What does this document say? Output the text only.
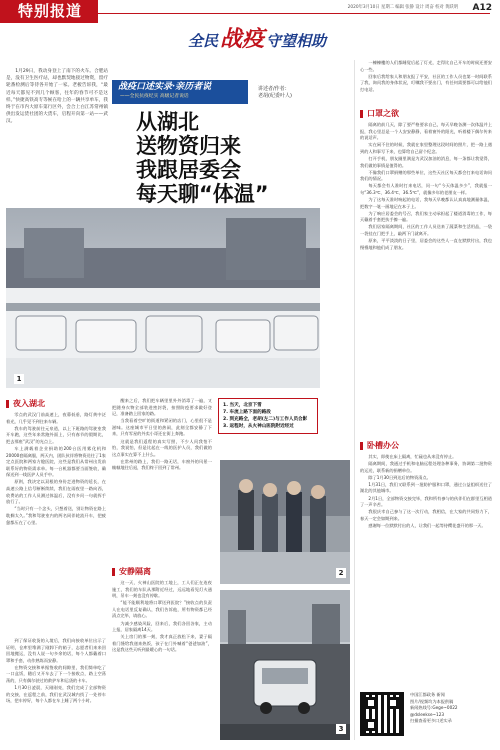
特别报道	2020年3月10日 星期二 编辑 张静 设计 周奋 校对 黄跃明	A12
全民 战疫 守望相助

1月29日，我动身登上了南下的火车。合肥站是，没有卫生医疗站，却也默契地接过物资，留疗轮番检测后等待各开始了一家。老板告诉我，“最近每天都见不到几个顾客，往年的春节可不是这样。”快捷高铁高专等候在哈上的一辆共享单车，我终于在市内大原车第行区外，会合上白江苏常州镇供出发运货社团的大货车，启程开向第一站——武汉。

战疫口述实录·亲历者说
——全民抗疫纪实 高级记者说话
讲述者/作者：
老胡(纪委叶人)
从湖北
送物资归来
我跟居委会
每天聊“体温”
1

一棟棟樓的人们都睡觉后起了灯光，走得比自己开车的时候还要安心一些。

回家后我给家人和朋友报了平安，社区的工作人员也第一时间联系了我，询问我的身体状况，叮嘱我不要出门，有任何需要都可以给他们打电话。

口罩之欲

隔离的前几天，除了要严格要求自己，每天早晚各测一次体温并上报，我心里总是一个人安安静静，看着窗外的阳光，听着楼下偶尔传来的说话声。

实在闲不住的时候，我就在家里整理这段时间的照片，把一路上遇到的人和事写下来，也算给自己留个纪念。

打开手机，朋友圈里满是为武汉加油的消息，每一条都让我觉得，我们做的事情是值得的。

不像我们口罩捐赠的那些单位，这些天社区每天都会打来电话询问我们的情况。

每天都会有人准时打来电话，问一句“今天体温多少”，我就报一句“36.3℃、36.4℃、36.5℃”，就像多年的老朋友一样。

为了这每天准时响起的电话，我每天早晚都认认真真地测量体温，把数字一笔一画地记在本子上。

为了响应居委会的号召，我们家主动承担起了楼道消毒的工作，每天戴着手套把扶手擦一遍。

我们居家隔离期间，社区的工作人员送来了蔬菜和生活用品，一袋一袋挂在门把手上，敲两下门就离开。

原来，平平淡淡的日子里，居委会的这些人一直在默默付出，我也慢慢地和他们成了朋友。

卧槽办公

其实，即使在床上隔离，忙碌也从来没有停止。

隔离期间，我通过手机和电脑远程处理各种事务，协调第二批物资的运送，联系新的捐赠单位。

除了1月30日到达后的物资清点。

1月31日，我们又联系到一批防护服和口罩，通过公益组织送往了湖北的其他城市。

2月1日，全部物资交接完毕，我和所有参与的伙伴们在群里互相道了一声辛苦。

我很庆幸自己参与了这一次行动，我相信，在大家的共同努力下，春天一定会如期到来。

感谢每一位默默付出的人，让我们一起等待樱花盛开的那一天。

中国江都政务 新闻
图片/视频均为本报供稿
新闻热线号:Gege~0022
@dsleekse~123
扫描查看更多口述实录
夜入湖北

零点的武汉门前高速上，夜幕低垂，路灯黄中泛着光，几乎见不到往来车辆。

我车的驾驶前往元泉道，以上下班路的驾驶室我开车跑，这些年来常跑外面上，只有春节的假期比，把去那座“武汉”的光点上。

车上满载着企业捐助的200台医用雾化机和20000套隔离服，两天内，团队伙伴将物资送往了1家定点医院和两家方舱医院，这些是我们从常州出发前联系好的物资需求单。每一台机器都要当面签收，确保送到一线医护人员手中。

原则，我决定以双根的身份走进物资的延长，在高速公路上信号断断续续，我们在雨夜里一路向西，收费站的工作人员测过体温后，没有多问一句就挥手放行了。

“当时只有一个念头，只想着送，别让物资在路上耽搁太久。”我和驾驶室内的两名同伴轮流开车，把疲惫都压在了心里。

到了保证收货的入境后，我们向接收单位出示了证明，仓库里堆满了刚卸下的箱子，志愿者们来来回回地搬运，没有人说一句多余的话，每个人都戴着口罩和手套，动作熟练而安静。

在物资交接和单据签收的间隙里，我们简单吃了一口盒饭，随后又开车去了下一个接收点，路上空荡荡的，只有偶尔驶过的救护车和运货的卡车。

1月30日凌晨，天刚刚亮，我们完成了全部物资的交接，在返程之前，我们在武汉城内找了一处停车场，把车停好，每个人都在车上睡了两个小时。

醒来之后，我们把车辆里里外外消毒了一遍，又把随身衣物全部装进密封袋，按照防疫要求做好登记，准备踏上回家的路。

当我看着空旷的街道和紧闭的店门，心里很不是滋味。这座城市平日里的热闹，此刻全都安静了下来，只有零星的外卖小哥还在街上奔跑。

这就是我们返程的真实写照，不少人问我怕不怕，我说怕，但是比起在一线的医护人员，我们做的这点事实在算不上什么。

在常州的路上，我们一路无话，车窗外的风景一帧帧地往后退，我们终于回到了常州。

安静隔离

这一天，火神山医院的工地上，工人们正在连夜施工，我们的车队从那附近经过，远远地看见灯火通明，吊车一刻也没有停歇。

“能不能顺利地将口罩送到医院？”接收点的负责人在电话里反复确认，我们告诉他，所有物资都已经清点完毕，请放心。

为减少感染风险，回来后，我们各回各家，主动上报，居家隔离14天。

关上房门的那一刻，我才真正放松下来，妻子隔着门缝给我递来热饭，孩子在门外喊着“爸爸加油”，这是我这些天听到最暖心的一句话。

1. 当天，北京下雪
7. 车流上路下面的路段
2. 到充路全，老胡(左二)与工作人员合影
3. 返程时，从火神山医院附近经过
2
3
